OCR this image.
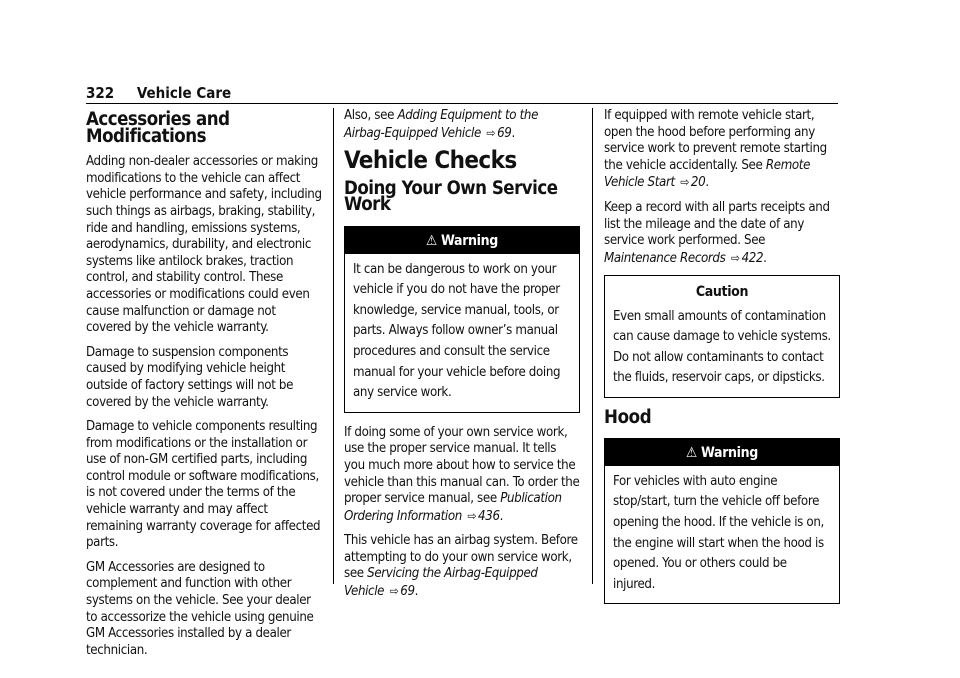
322 Vehicle Care
Accessories and Modifications

Adding non-dealer accessories or making modifications to the vehicle can affect vehicle performance and safety, including such things as airbags, braking, stability, ride and handling, emissions systems, aerodynamics, durability, and electronic systems like antilock brakes, traction control, and stability control. These accessories or modifications could even cause malfunction or damage not covered by the vehicle warranty.

Damage to suspension components caused by modifying vehicle height outside of factory settings will not be covered by the vehicle warranty.

Damage to vehicle components resulting from modifications or the installation or use of non-GM certified parts, including control module or software modifications, is not covered under the terms of the vehicle warranty and may affect remaining warranty coverage for affected parts.

GM Accessories are designed to complement and function with other systems on the vehicle. See your dealer to accessorize the vehicle using genuine GM Accessories installed by a dealer technician.

Also, see Adding Equipment to the Airbag-Equipped Vehicle ⇨ 69.

Vehicle Checks
Doing Your Own Service Work
⚠ Warning
It can be dangerous to work on your vehicle if you do not have the proper knowledge, service manual, tools, or parts. Always follow owner’s manual procedures and consult the service manual for your vehicle before doing any service work.

If doing some of your own service work, use the proper service manual. It tells you much more about how to service the vehicle than this manual can. To order the proper service manual, see Publication Ordering Information ⇨ 436.

This vehicle has an airbag system. Before attempting to do your own service work, see Servicing the Airbag-Equipped Vehicle ⇨ 69.

If equipped with remote vehicle start, open the hood before performing any service work to prevent remote starting the vehicle accidentally. See Remote Vehicle Start ⇨ 20.

Keep a record with all parts receipts and list the mileage and the date of any service work performed. See Maintenance Records ⇨ 422.

Caution
Even small amounts of contamination can cause damage to vehicle systems. Do not allow contaminants to contact the fluids, reservoir caps, or dipsticks.
Hood
⚠ Warning
For vehicles with auto engine stop/start, turn the vehicle off before opening the hood. If the vehicle is on, the engine will start when the hood is opened. You or others could be injured.
